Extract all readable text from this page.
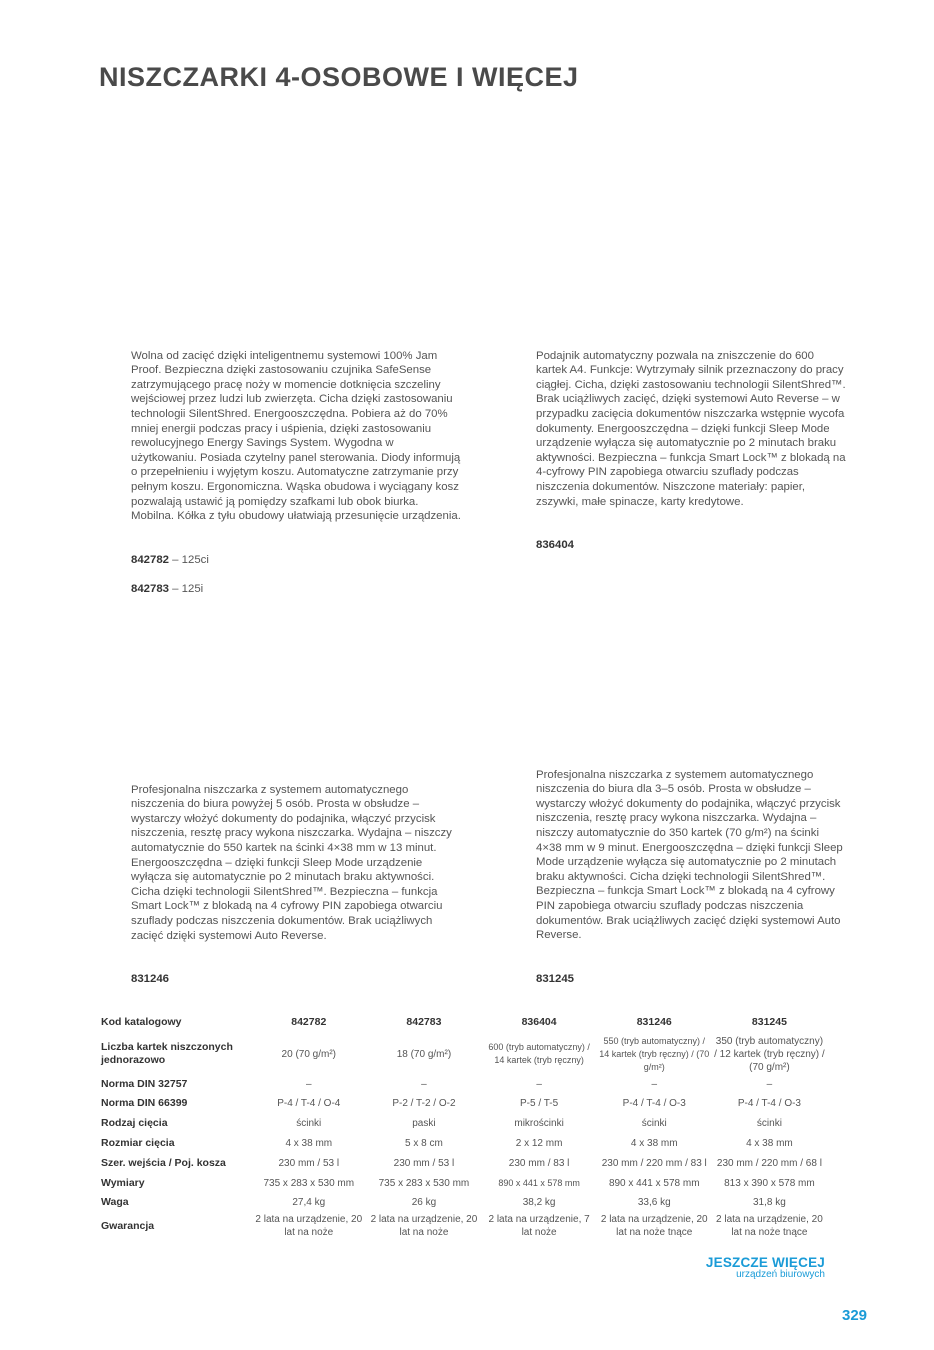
NISZCZARKI 4-OSOBOWE I WIĘCEJ

Wolna od zacięć dzięki inteligentnemu systemowi 100% Jam Proof. Bezpieczna dzięki zastosowaniu czujnika SafeSense zatrzymującego pracę noży w momencie dotknięcia szczeliny wejściowej przez ludzi lub zwierzęta. Cicha dzięki zastosowaniu technologii SilentShred. Energooszczędna. Pobiera aż do 70% mniej energii podczas pracy i uśpienia, dzięki zastosowaniu rewolucyjnego Energy Savings System. Wygodna w użytkowaniu. Posiada czytelny panel sterowania. Diody informują o przepełnieniu i wyjętym koszu. Automatyczne zatrzymanie przy pełnym koszu. Ergonomiczna. Wąska obudowa i wyciągany kosz pozwalają ustawić ją pomiędzy szafkami lub obok biurka. Mobilna. Kółka z tyłu obudowy ułatwiają przesunięcie urządzenia.

842782 – 125ci

842783 – 125i

Podajnik automatyczny pozwala na zniszczenie do 600 kartek A4. Funkcje: Wytrzymały silnik przeznaczony do pracy ciągłej. Cicha, dzięki zastosowaniu technologii SilentShred™. Brak uciążliwych zacięć, dzięki systemowi Auto Reverse – w przypadku zacięcia dokumentów niszczarka wstępnie wycofa dokumenty. Energooszczędna – dzięki funkcji Sleep Mode urządzenie wyłącza się automatycznie po 2 minutach braku aktywności. Bezpieczna – funkcja Smart Lock™ z blokadą na 4-cyfrowy PIN zapobiega otwarciu szuflady podczas niszczenia dokumentów. Niszczone materiały: papier, zszywki, małe spinacze, karty kredytowe.

836404

Profesjonalna niszczarka z systemem automatycznego niszczenia do biura powyżej 5 osób. Prosta w obsłudze – wystarczy włożyć dokumenty do podajnika, włączyć przycisk niszczenia, resztę pracy wykona niszczarka. Wydajna – niszczy automatycznie do 550 kartek na ścinki 4×38 mm w 13 minut. Energooszczędna – dzięki funkcji Sleep Mode urządzenie wyłącza się automatycznie po 2 minutach braku aktywności. Cicha dzięki technologii SilentShred™. Bezpieczna – funkcja Smart Lock™ z blokadą na 4 cyfrowy PIN zapobiega otwarciu szuflady podczas niszczenia dokumentów. Brak uciążliwych zacięć dzięki systemowi Auto Reverse.

831246

Profesjonalna niszczarka z systemem automatycznego niszczenia do biura dla 3–5 osób. Prosta w obsłudze – wystarczy włożyć dokumenty do podajnika, włączyć przycisk niszczenia, resztę pracy wykona niszczarka. Wydajna – niszczy automatycznie do 350 kartek (70 g/m²) na ścinki 4×38 mm w 9 minut. Energooszczędna – dzięki funkcji Sleep Mode urządzenie wyłącza się automatycznie po 2 minutach braku aktywności. Cicha dzięki technologii SilentShred™. Bezpieczna – funkcja Smart Lock™ z blokadą na 4 cyfrowy PIN zapobiega otwarciu szuflady podczas niszczenia dokumentów. Brak uciążliwych zacięć dzięki systemowi Auto Reverse.

831245

Kod katalogowy	842782	842783	836404	831246	831245
Liczba kartek niszczonych jednorazowo	20 (70 g/m²)	18 (70 g/m²)	600 (tryb automatyczny) / 14 kartek (tryb ręczny)	550 (tryb automatyczny) / 14 kartek (tryb ręczny) / (70 g/m²)	350 (tryb automatyczny) / 12 kartek (tryb ręczny) / (70 g/m²)
Norma DIN 32757	–	–	–	–	–
Norma DIN 66399	P-4 / T-4 / O-4	P-2 / T-2 / O-2	P-5 / T-5	P-4 / T-4 / O-3	P-4 / T-4 / O-3
Rodzaj cięcia	ścinki	paski	mikrościnki	ścinki	ścinki
Rozmiar cięcia	4 x 38 mm	5 x 8 cm	2 x 12 mm	4 x 38 mm	4 x 38 mm
Szer. wejścia / Poj. kosza	230 mm / 53 l	230 mm / 53 l	230 mm / 83 l	230 mm / 220 mm / 83 l	230 mm / 220 mm / 68 l
Wymiary	735 x 283 x 530 mm	735 x 283 x 530 mm	890 x 441 x 578 mm	890 x 441 x 578 mm	813 x 390 x 578 mm
Waga	27,4 kg	26 kg	38,2 kg	33,6 kg	31,8 kg
Gwarancja	2 lata na urządzenie, 20 lat na noże	2 lata na urządzenie, 20 lat na noże	2 lata na urządzenie, 7 lat noże	2 lata na urządzenie, 20 lat na noże tnące	2 lata na urządzenie, 20 lat na noże tnące
JESZCZE WIĘCEJ
urządzeń biurowych
329
